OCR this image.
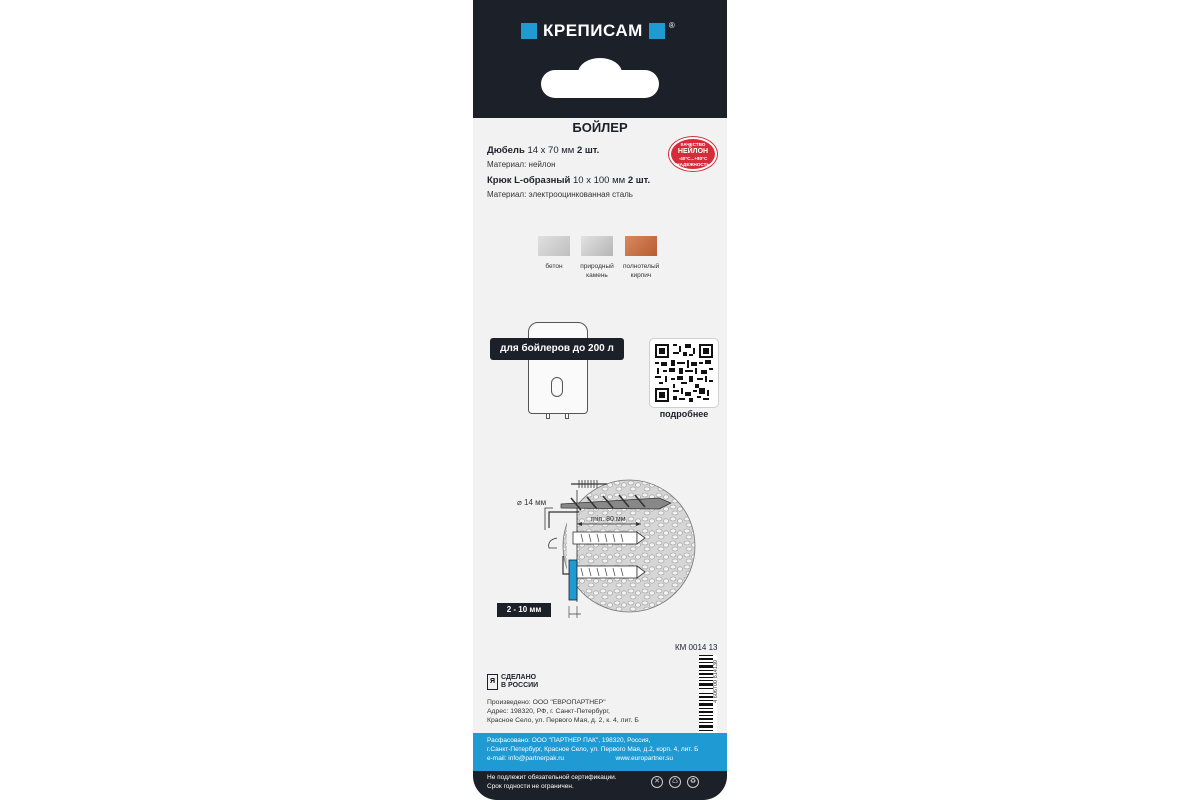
КРЕПИСАМ	®
БОЙЛЕР
Дюбель 14 х 70 мм 2 шт.
Материал: нейлон
Крюк L-образный 10 х 100 мм 2 шт.
Материал: электрооцинкованная сталь
КАЧЕСТВО
НЕЙЛОН
-40°С...+80°С
НАДЕЖНОСТЬ
бетон	природный камень
полнотелый кирпич
для бойлеров до 200 л
подробнее
⌀ 14 мм
min. 80 мм
2 - 10 мм
КМ 0014 13
4 606700 814130
Я
СДЕЛАНО
В РОССИИ
Произведено: ООО "ЕВРОПАРТНЕР"
Адрес: 198320, РФ, г. Санкт-Петербург,
Красное Село, ул. Первого Мая, д. 2, к. 4, лит. Б
Расфасовано: ООО "ПАРТНЕР ПАК", 198320, Россия,
г.Санкт-Петербург, Красное Село, ул. Первого Мая, д.2, корп. 4, лит. Б
e-mail: info@partnerpak.ru	www.europartner.su
Не подлежит обязательной сертификации.
Срок годности не ограничен.
✕	♺	♻
